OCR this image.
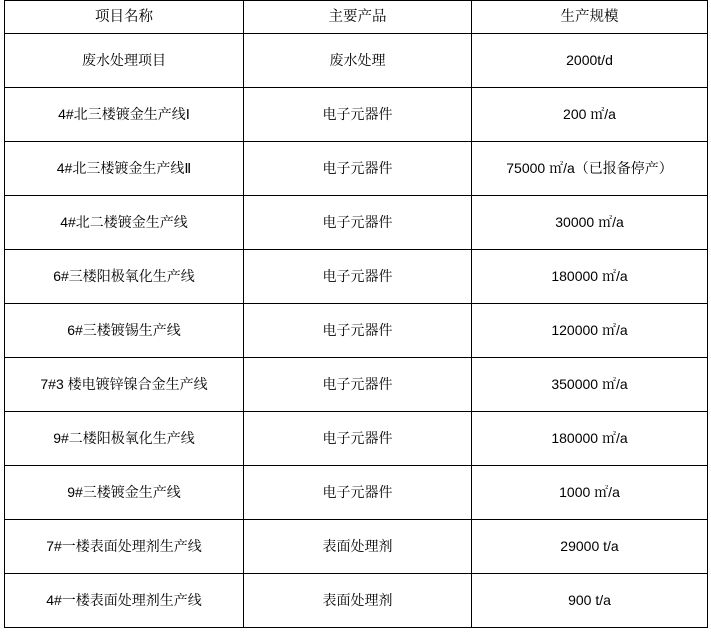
项目名称	主要产品	生产规模
废水处理项目	废水处理	2000t/d
4#北三楼镀金生产线Ⅰ	电子元器件	200 ㎡/a
4#北三楼镀金生产线Ⅱ	电子元器件	75000 ㎡/a（已报备停产）
4#北二楼镀金生产线	电子元器件	30000 ㎡/a
6#三楼阳极氧化生产线	电子元器件	180000 ㎡/a
6#三楼镀锡生产线	电子元器件	120000 ㎡/a
7#3 楼电镀锌镍合金生产线	电子元器件	350000 ㎡/a
9#二楼阳极氧化生产线	电子元器件	180000 ㎡/a
9#三楼镀金生产线	电子元器件	1000 ㎡/a
7#一楼表面处理剂生产线	表面处理剂	29000 t/a
4#一楼表面处理剂生产线	表面处理剂	900 t/a
